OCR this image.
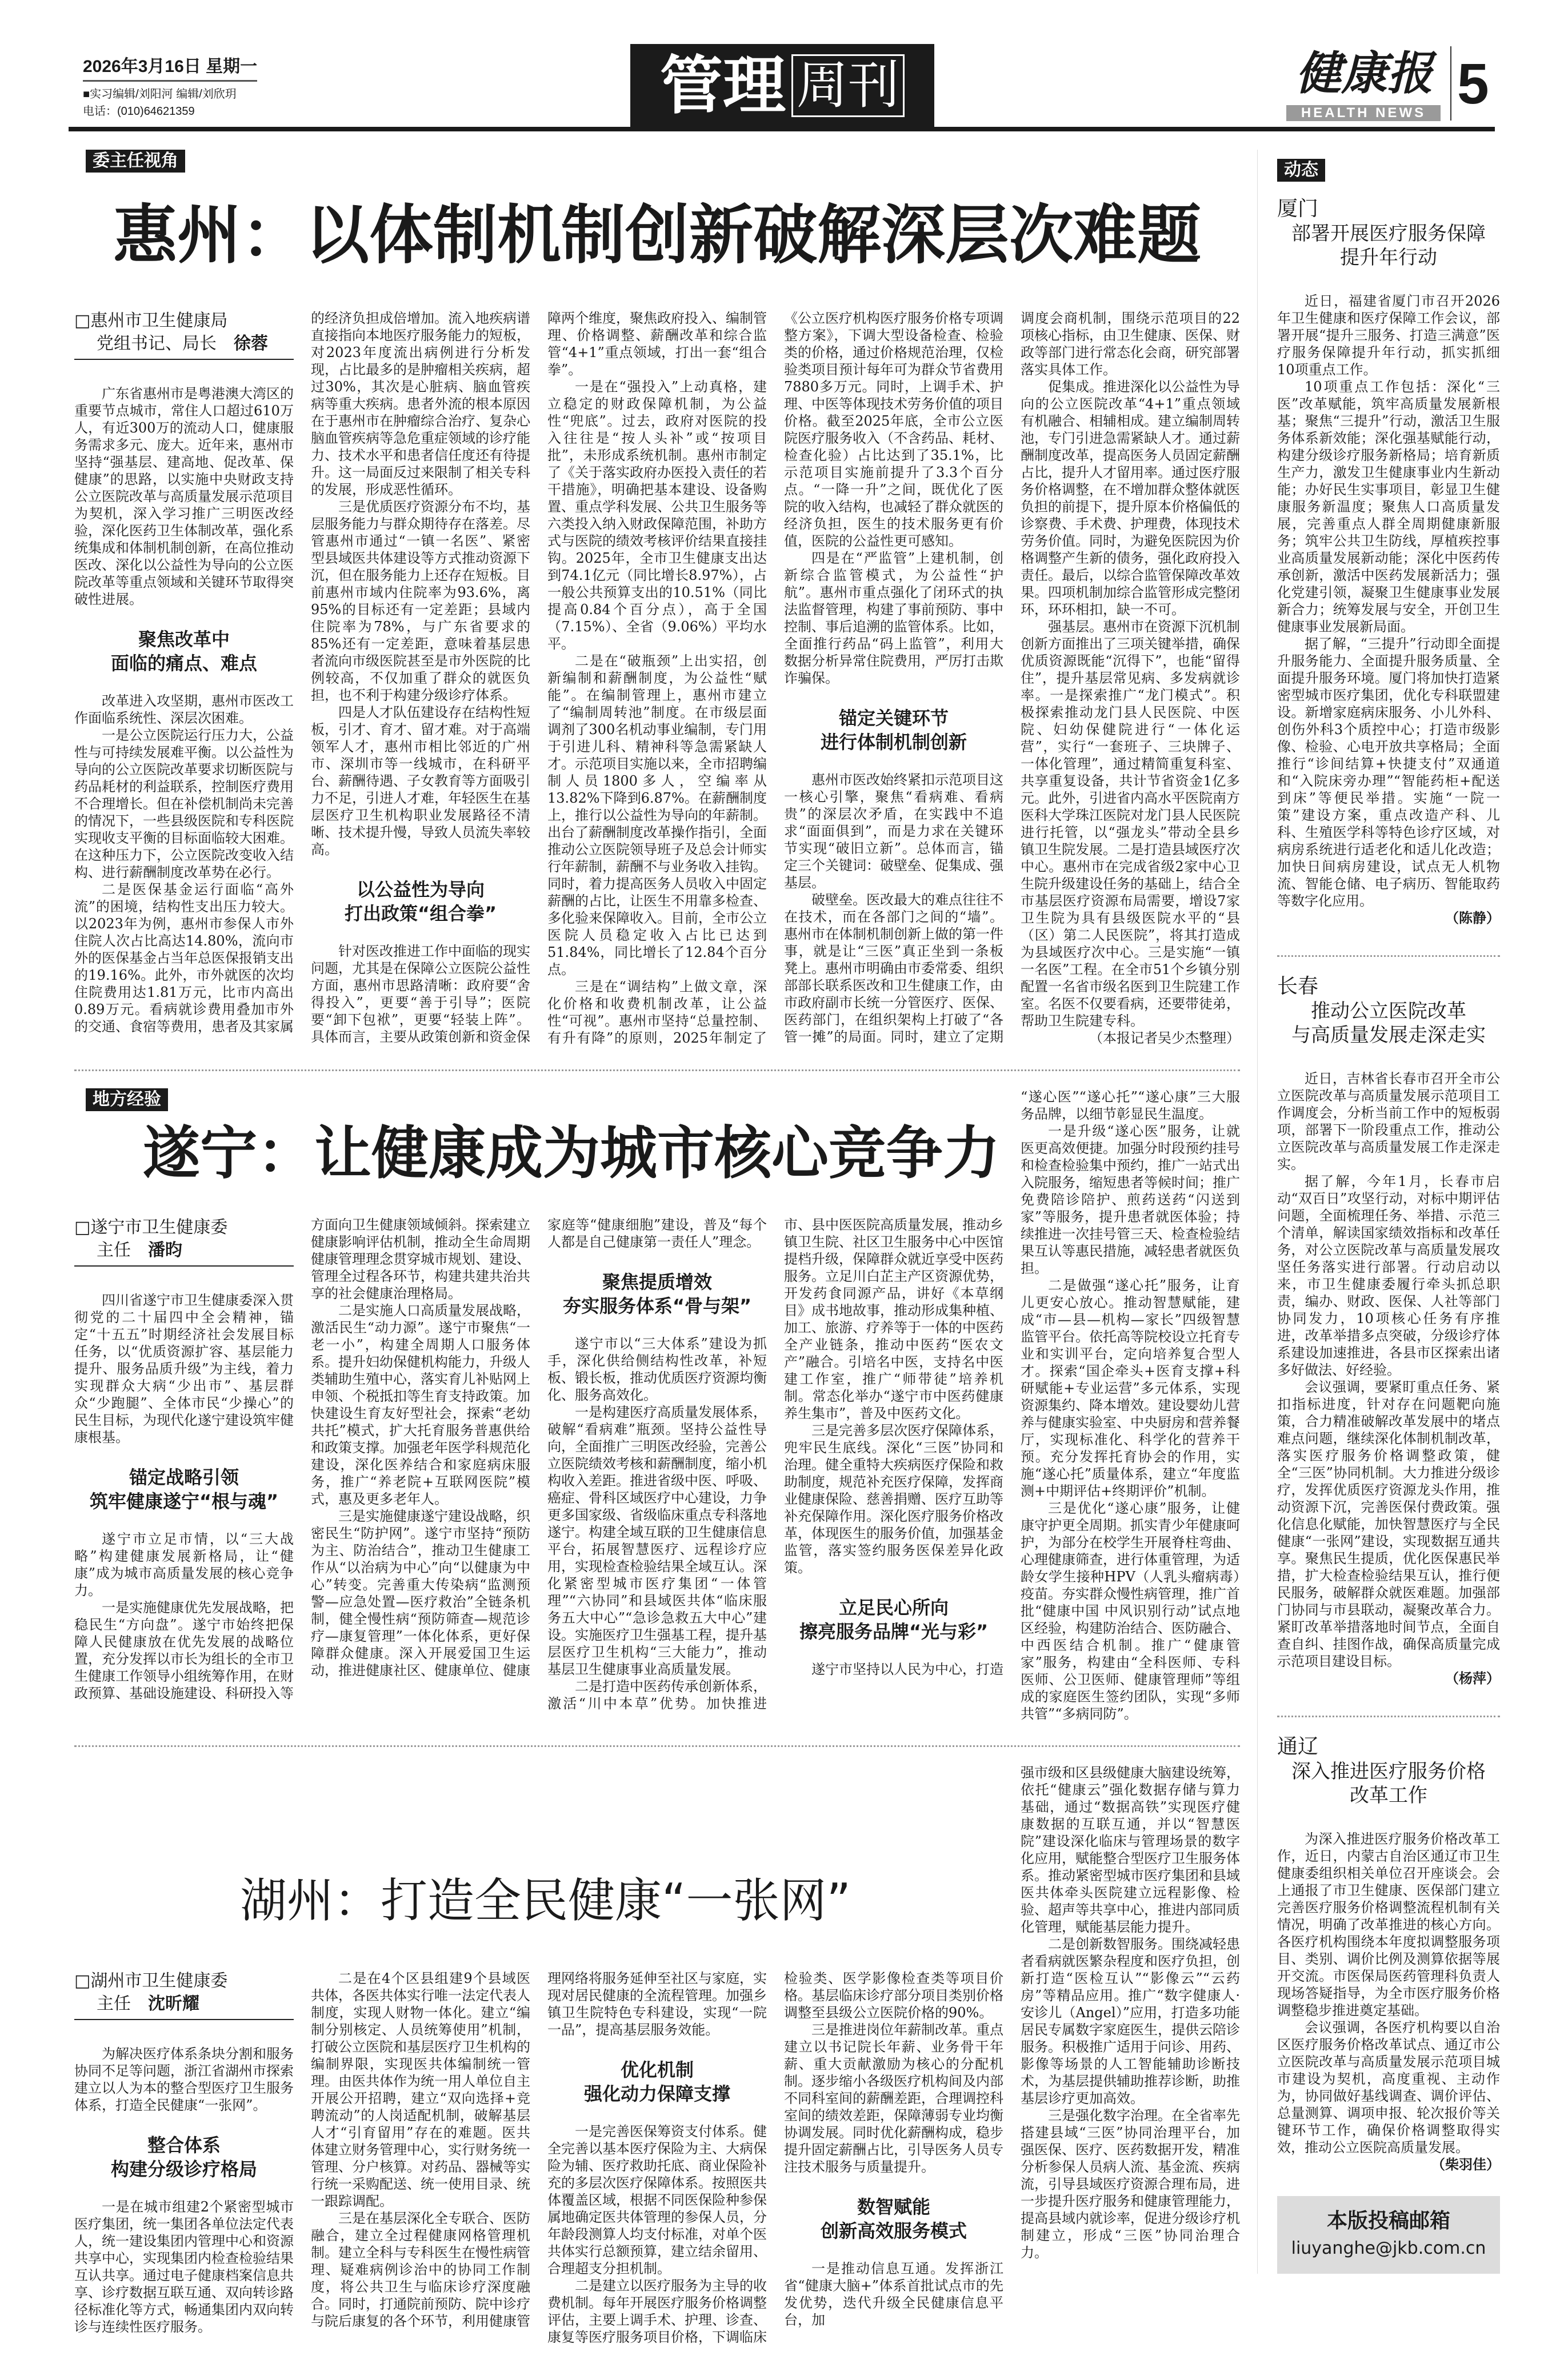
2026年3月16日 星期一
■实习编辑/刘阳河 编辑/刘欣玥
电话：(010)64621359	管理 周刊	健康报
HEALTH NEWS 5
委主任视角
惠州：以体制机制创新破解深层次难题
□惠州市卫生健康局
党组书记、局长 徐蓉

广东省惠州市是粤港澳大湾区的重要节点城市，常住人口超过610万人，有近300万的流动人口，健康服务需求多元、庞大。近年来，惠州市坚持“强基层、建高地、促改革、保健康”的思路，以实施中央财政支持公立医院改革与高质量发展示范项目为契机，深入学习推广三明医改经验，深化医药卫生体制改革，强化系统集成和体制机制创新，在高位推动医改、深化以公益性为导向的公立医院改革等重点领域和关键环节取得突破性进展。

聚焦改革中
面临的痛点、难点

改革进入攻坚期，惠州市医改工作面临系统性、深层次困难。

一是公立医院运行压力大，公益性与可持续发展难平衡。以公益性为导向的公立医院改革要求切断医院与药品耗材的利益联系，控制医疗费用不合理增长。但在补偿机制尚未完善的情况下，一些县级医院和专科医院实现收支平衡的目标面临较大困难。在这种压力下，公立医院改变收入结构、进行薪酬制度改革势在必行。

二是医保基金运行面临“高外流”的困境，结构性支出压力较大。以2023年为例，惠州市参保人市外住院人次占比高达14.80%，流向市外的医保基金占当年总医保报销支出的19.16%。此外，市外就医的次均住院费用达1.81万元，比市内高出0.89万元。看病就诊费用叠加市外的交通、食宿等费用，患者及其家属的经济负担成倍增加。流入地疾病谱直接指向本地医疗服务能力的短板，对2023年度流出病例进行分析发现，占比最多的是肿瘤相关疾病，超过30%，其次是心脏病、脑血管疾病等重大疾病。患者外流的根本原因在于惠州市在肿瘤综合治疗、复杂心脑血管疾病等急危重症领域的诊疗能力、技术水平和患者信任度还有待提升。这一局面反过来限制了相关专科的发展，形成恶性循环。

三是优质医疗资源分布不均，基层服务能力与群众期待存在落差。尽管惠州市通过“一镇一名医”、紧密型县域医共体建设等方式推动资源下沉，但在服务能力上还存在短板。目前惠州市域内住院率为93.6%，离95%的目标还有一定差距；县域内住院率为78%，与广东省要求的85%还有一定差距，意味着基层患者流向市级医院甚至是市外医院的比例较高，不仅加重了群众的就医负担，也不利于构建分级诊疗体系。

四是人才队伍建设存在结构性短板，引才、育才、留才难。对于高端领军人才，惠州市相比邻近的广州市、深圳市等一线城市，在科研平台、薪酬待遇、子女教育等方面吸引力不足，引进人才难，年轻医生在基层医疗卫生机构职业发展路径不清晰、技术提升慢，导致人员流失率较高。

以公益性为导向
打出政策“组合拳”

针对医改推进工作中面临的现实问题，尤其是在保障公立医院公益性方面，惠州市思路清晰：政府要“舍得投入”，更要“善于引导”；医院要“卸下包袱”，更要“轻装上阵”。具体而言，主要从政策创新和资金保障两个维度，聚焦政府投入、编制管理、价格调整、薪酬改革和综合监管“4+1”重点领域，打出一套“组合拳”。

一是在“强投入”上动真格，建立稳定的财政保障机制，为公益性“兜底”。过去，政府对医院的投入往往是“按人头补”或“按项目批”，未形成系统机制。惠州市制定了《关于落实政府办医投入责任的若干措施》，明确把基本建设、设备购置、重点学科发展、公共卫生服务等六类投入纳入财政保障范围，补助方式与医院的绩效考核评价结果直接挂钩。2025年，全市卫生健康支出达到74.1亿元（同比增长8.97%），占一般公共预算支出的10.51%（同比提高0.84个百分点），高于全国（7.15%）、全省（9.06%）平均水平。

二是在“破瓶颈”上出实招，创新编制和薪酬制度，为公益性“赋能”。在编制管理上，惠州市建立了“编制周转池”制度。在市级层面调剂了300名机动事业编制，专门用于引进儿科、精神科等急需紧缺人才。示范项目实施以来，全市招聘编制人员1800多人，空编率从13.82%下降到6.87%。在薪酬制度上，推行以公益性为导向的年薪制。出台了薪酬制度改革操作指引，全面推动公立医院领导班子及总会计师实行年薪制，薪酬不与业务收入挂钩。同时，着力提高医务人员收入中固定薪酬的占比，让医生不用靠多检查、多化验来保障收入。目前，全市公立医院人员稳定收入占比已达到51.84%，同比增长了12.84个百分点。

三是在“调结构”上做文章，深化价格和收费机制改革，让公益性“可视”。惠州市坚持“总量控制、有升有降”的原则，2025年制定了《公立医疗机构医疗服务价格专项调整方案》，下调大型设备检查、检验类的价格，通过价格规范治理，仅检验类项目预计每年可为群众节省费用7880多万元。同时，上调手术、护理、中医等体现技术劳务价值的项目价格。截至2025年底，全市公立医院医疗服务收入（不含药品、耗材、检查化验）占比达到了35.1%，比示范项目实施前提升了3.3个百分点。“一降一升”之间，既优化了医院的收入结构，也减轻了群众就医的经济负担，医生的技术服务更有价值，医院的公益性更可感知。

四是在“严监管”上建机制，创新综合监管模式，为公益性“护航”。惠州市重点强化了闭环式的执法监督管理，构建了事前预防、事中控制、事后追溯的监管体系。比如，全面推行药品“码上监管”，利用大数据分析异常住院费用，严厉打击欺诈骗保。

锚定关键环节
进行体制机制创新

惠州市医改始终紧扣示范项目这一核心引擎，聚焦“看病难、看病贵”的深层次矛盾，在实践中不追求“面面俱到”，而是力求在关键环节实现“破旧立新”。总体而言，锚定三个关键词：破壁垒、促集成、强基层。

破壁垒。医改最大的难点往往不在技术，而在各部门之间的“墙”。惠州市在体制机制创新上做的第一件事，就是让“三医”真正坐到一条板凳上。惠州市明确由市委常委、组织部部长联系医改和卫生健康工作，由市政府副市长统一分管医疗、医保、医药部门，在组织架构上打破了“各管一摊”的局面。同时，建立了定期调度会商机制，围绕示范项目的22项核心指标，由卫生健康、医保、财政等部门进行常态化会商，研究部署落实具体工作。

促集成。推进深化以公益性为导向的公立医院改革“4+1”重点领域有机融合、相辅相成。建立编制周转池，专门引进急需紧缺人才。通过薪酬制度改革，提高医务人员固定薪酬占比，提升人才留用率。通过医疗服务价格调整，在不增加群众整体就医负担的前提下，提升原本价格偏低的诊察费、手术费、护理费，体现技术劳务价值。同时，为避免医院因为价格调整产生新的债务，强化政府投入责任。最后，以综合监管保障改革效果。四项机制加综合监管形成完整闭环，环环相扣，缺一不可。

强基层。惠州市在资源下沉机制创新方面推出了三项关键举措，确保优质资源既能“沉得下”，也能“留得住”，提升基层常见病、多发病就诊率。一是探索推广“龙门模式”。积极探索推动龙门县人民医院、中医院、妇幼保健院进行“一体化运营”，实行“一套班子、三块牌子、一体化管理”，通过精简重复科室、共享重复设备，共计节省资金1亿多元。此外，引进省内高水平医院南方医科大学珠江医院对龙门县人民医院进行托管，以“强龙头”带动全县乡镇卫生院发展。二是打造县域医疗次中心。惠州市在完成省级2家中心卫生院升级建设任务的基础上，结合全市基层医疗资源布局需要，增设7家卫生院为具有县级医院水平的“县（区）第二人民医院”，将其打造成为县域医疗次中心。三是实施“一镇一名医”工程。在全市51个乡镇分别配置一名省市级名医到卫生院建工作室。名医不仅要看病，还要带徒弟，帮助卫生院建专科。

（本报记者吴少杰整理）

地方经验
遂宁：让健康成为城市核心竞争力
□遂宁市卫生健康委
主任 潘昀

四川省遂宁市卫生健康委深入贯彻党的二十届四中全会精神，锚定“十五五”时期经济社会发展目标任务，以“优质资源扩容、基层能力提升、服务品质升级”为主线，着力实现群众大病“少出市”、基层群众“少跑腿”、全体市民“少操心”的民生目标，为现代化遂宁建设筑牢健康根基。

锚定战略引领
筑牢健康遂宁“根与魂”

遂宁市立足市情，以“三大战略”构建健康发展新格局，让“健康”成为城市高质量发展的核心竞争力。

一是实施健康优先发展战略，把稳民生“方向盘”。遂宁市始终把保障人民健康放在优先发展的战略位置，充分发挥以市长为组长的全市卫生健康工作领导小组统筹作用，在财政预算、基础设施建设、科研投入等方面向卫生健康领域倾斜。探索建立健康影响评估机制，推动全生命周期健康管理理念贯穿城市规划、建设、管理全过程各环节，构建共建共治共享的社会健康治理格局。

二是实施人口高质量发展战略，激活民生“动力源”。遂宁市聚焦“一老一小”，构建全周期人口服务体系。提升妇幼保健机构能力，升级人类辅助生殖中心，落实育儿补贴网上申领、个税抵扣等生育支持政策。加快建设生育友好型社会，探索“老幼共托”模式，扩大托育服务普惠供给和政策支撑。加强老年医学科规范化建设，深化医养结合和家庭病床服务，推广“养老院+互联网医院”模式，惠及更多老年人。

三是实施健康遂宁建设战略，织密民生“防护网”。遂宁市坚持“预防为主、防治结合”，推动卫生健康工作从“以治病为中心”向“以健康为中心”转变。完善重大传染病“监测预警—应急处置—医疗救治”全链条机制，健全慢性病“预防筛查—规范诊疗—康复管理”一体化体系，更好保障群众健康。深入开展爱国卫生运动，推进健康社区、健康单位、健康家庭等“健康细胞”建设，普及“每个人都是自己健康第一责任人”理念。

聚焦提质增效
夯实服务体系“骨与架”

遂宁市以“三大体系”建设为抓手，深化供给侧结构性改革，补短板、锻长板，推动优质医疗资源均衡化、服务高效化。

一是构建医疗高质量发展体系，破解“看病难”瓶颈。坚持公益性导向，全面推广三明医改经验，完善公立医院绩效考核和薪酬制度，缩小机构收入差距。推进省级中医、呼吸、癌症、骨科区域医疗中心建设，力争更多国家级、省级临床重点专科落地遂宁。构建全域互联的卫生健康信息平台，拓展智慧医疗、远程诊疗应用，实现检查检验结果全域互认。深化紧密型城市医疗集团“一体管理”“六协同”和县域医共体“临床服务五大中心”“急诊急救五大中心”建设。实施医疗卫生强基工程，提升基层医疗卫生机构“三大能力”，推动基层卫生健康事业高质量发展。

二是打造中医药传承创新体系，激活“川中本草”优势。加快推进市、县中医医院高质量发展，推动乡镇卫生院、社区卫生服务中心中医馆提档升级，保障群众就近享受中医药服务。立足川白芷主产区资源优势，开发药食同源产品，讲好《本草纲目》成书地故事，推动形成集种植、加工、旅游、疗养等于一体的中医药全产业链条，推动中医药“医农文产”融合。引培名中医，支持名中医建工作室，推广“师带徒”培养机制。常态化举办“遂宁市中医药健康养生集市”，普及中医药文化。

三是完善多层次医疗保障体系，兜牢民生底线。深化“三医”协同和治理。健全重特大疾病医疗保险和救助制度，规范补充医疗保障，发挥商业健康保险、慈善捐赠、医疗互助等补充保障作用。深化医疗服务价格改革，体现医生的服务价值，加强基金监管，落实签约服务医保差异化政策。

立足民心所向
擦亮服务品牌“光与彩”

遂宁市坚持以人民为中心，打造

“遂心医”“遂心托”“遂心康”三大服务品牌，以细节彰显民生温度。

一是升级“遂心医”服务，让就医更高效便捷。加强分时段预约挂号和检查检验集中预约，推广一站式出入院服务，缩短患者等候时间；推广免费陪诊陪护、煎药送药“闪送到家”等服务，提升患者就医体验；持续推进一次挂号管三天、检查检验结果互认等惠民措施，减轻患者就医负担。

二是做强“遂心托”服务，让育儿更安心放心。推动智慧赋能，建成“市—县—机构—家长”四级智慧监管平台。依托高等院校设立托育专业和实训平台，定向培养复合型人才。探索“国企牵头+医育支撑+科研赋能+专业运营”多元体系，实现资源集约、降本增效。建设婴幼儿营养与健康实验室、中央厨房和营养餐厅，实现标准化、科学化的营养干预。充分发挥托育协会的作用，实施“遂心托”质量体系，建立“年度监测+中期评估+终期评价”机制。

三是优化“遂心康”服务，让健康守护更全周期。抓实青少年健康呵护，为部分在校学生开展脊柱弯曲、心理健康筛查，进行体重管理，为适龄女学生接种HPV（人乳头瘤病毒）疫苗。夯实群众慢性病管理，推广首批“健康中国 中风识别行动”试点地区经验，构建防治结合、医防融合、中西医结合机制。推广“健康管家”服务，构建由“全科医师、专科医师、公卫医师、健康管理师”等组成的家庭医生签约团队，实现“多师共管”“多病同防”。

湖州：打造全民健康“一张网”
□湖州市卫生健康委
主任 沈昕耀

为解决医疗体系条块分割和服务协同不足等问题，浙江省湖州市探索建立以人为本的整合型医疗卫生服务体系，打造全民健康“一张网”。

整合体系
构建分级诊疗格局

一是在城市组建2个紧密型城市医疗集团，统一集团各单位法定代表人，统一建设集团内管理中心和资源共享中心，实现集团内检查检验结果互认共享。通过电子健康档案信息共享、诊疗数据互联互通、双向转诊路径标准化等方式，畅通集团内双向转诊与连续性医疗服务。

二是在4个区县组建9个县域医共体，各医共体实行唯一法定代表人制度，实现人财物一体化。建立“编制分别核定、人员统筹使用”机制，打破公立医院和基层医疗卫生机构的编制界限，实现医共体编制统一管理。由医共体作为统一用人单位自主开展公开招聘，建立“双向选择+竞聘流动”的人岗适配机制，破解基层人才“引育留用”存在的难题。医共体建立财务管理中心，实行财务统一管理、分户核算。对药品、器械等实行统一采购配送、统一使用目录、统一跟踪调配。

三是在基层深化全专联合、医防融合，建立全过程健康网格管理机制。建立全科与专科医生在慢性病管理、疑难病例诊治中的协同工作制度，将公共卫生与临床诊疗深度融合。同时，打通院前预防、院中诊疗与院后康复的各个环节，利用健康管理网络将服务延伸至社区与家庭，实现对居民健康的全流程管理。加强乡镇卫生院特色专科建设，实现“一院一品”，提高基层服务效能。

优化机制
强化动力保障支撑

一是完善医保筹资支付体系。健全完善以基本医疗保险为主、大病保险为辅、医疗救助托底、商业保险补充的多层次医疗保障体系。按照医共体覆盖区域，根据不同医保险种参保属地确定医共体管理的参保人员，分年龄段测算人均支付标准，对单个医共体实行总额预算，建立结余留用、合理超支分担机制。

二是建立以医疗服务为主导的收费机制。每年开展医疗服务价格调整评估，主要上调手术、护理、诊查、康复等医疗服务项目价格，下调临床检验类、医学影像检查类等项目价格。基层临床诊疗部分项目类别价格调整至县级公立医院价格的90%。

三是推进岗位年薪制改革。重点建立以书记院长年薪、业务骨干年薪、重大贡献激励为核心的分配机制。逐步缩小各级医疗机构间及内部不同科室间的薪酬差距，合理调控科室间的绩效差距，保障薄弱专业均衡协调发展。同时优化薪酬构成，稳步提升固定薪酬占比，引导医务人员专注技术服务与质量提升。

数智赋能
创新高效服务模式

一是推动信息互通。发挥浙江省“健康大脑+”体系首批试点市的先发优势，迭代升级全民健康信息平台，加

强市级和区县级健康大脑建设统筹，依托“健康云”强化数据存储与算力基础，通过“数据高铁”实现医疗健康数据的互联互通，并以“智慧医院”建设深化临床与管理场景的数字化应用，赋能整合型医疗卫生服务体系。推动紧密型城市医疗集团和县域医共体牵头医院建立远程影像、检验、超声等共享中心，推进内部同质化管理，赋能基层能力提升。

二是创新数智服务。围绕减轻患者看病就医繁杂程度和医疗负担，创新打造“医检互认”“影像云”“云药房”等精品应用。推广“数字健康人·安诊儿（Angel）”应用，打造多功能居民专属数字家庭医生，提供云陪诊服务。积极推广适用于问诊、用药、影像等场景的人工智能辅助诊断技术，为基层提供辅助推荐诊断，助推基层诊疗更加高效。

三是强化数字治理。在全省率先搭建县域“三医”协同治理平台，加强医保、医疗、医药数据开发，精准分析参保人员病人流、基金流、疾病流，引导县域医疗资源合理布局，进一步提升医疗服务和健康管理能力，提高县域内就诊率，促进分级诊疗机制建立，形成“三医”协同治理合力。

动态
厦门
部署开展医疗服务保障
提升年行动

近日，福建省厦门市召开2026年卫生健康和医疗保障工作会议，部署开展“提升三服务、打造三满意”医疗服务保障提升年行动，抓实抓细10项重点工作。

10项重点工作包括：深化“三医”改革赋能，筑牢高质量发展新根基；聚焦“三提升”行动，激活卫生服务体系新效能；深化强基赋能行动，构建分级诊疗服务新格局；培育新质生产力，激发卫生健康事业内生新动能；办好民生实事项目，彰显卫生健康服务新温度；聚焦人口高质量发展，完善重点人群全周期健康新服务；筑牢公共卫生防线，厚植疾控事业高质量发展新动能；深化中医药传承创新，激活中医药发展新活力；强化党建引领，凝聚卫生健康事业发展新合力；统筹发展与安全，开创卫生健康事业发展新局面。

据了解，“三提升”行动即全面提升服务能力、全面提升服务质量、全面提升服务环境。厦门将加快打造紧密型城市医疗集团，优化专科联盟建设。新增家庭病床服务、小儿外科、创伤外科3个质控中心；打造市级影像、检验、心电开放共享格局；全面推行“诊间结算+快捷支付”双通道和“入院床旁办理”“智能药柜+配送到床”等便民举措。实施“一院一策”建设方案，重点改造产科、儿科、生殖医学科等特色诊疗区域，对病房系统进行适老化和适儿化改造；加快日间病房建设，试点无人机物流、智能仓储、电子病历、智能取药等数字化应用。

（陈静）

长春
推动公立医院改革
与高质量发展走深走实

近日，吉林省长春市召开全市公立医院改革与高质量发展示范项目工作调度会，分析当前工作中的短板弱项，部署下一阶段重点工作，推动公立医院改革与高质量发展工作走深走实。

据了解，今年1月，长春市启动“双百日”攻坚行动，对标中期评估问题，全面梳理任务、举措、示范三个清单，解读国家绩效指标和改革任务，对公立医院改革与高质量发展攻坚任务落实进行部署。行动启动以来，市卫生健康委履行牵头抓总职责，编办、财政、医保、人社等部门协同发力，10项核心任务有序推进，改革举措多点突破，分级诊疗体系建设加速推进，各县市区探索出诸多好做法、好经验。

会议强调，要紧盯重点任务、紧扣指标进度，针对存在问题靶向施策，合力精准破解改革发展中的堵点难点问题，继续深化体制机制改革，落实医疗服务价格调整政策，健全“三医”协同机制。大力推进分级诊疗，发挥优质医疗资源龙头作用，推动资源下沉，完善医保付费政策。强化信息化赋能，加快智慧医疗与全民健康“一张网”建设，实现数据互通共享。聚焦民生提质，优化医保惠民举措，扩大检查检验结果互认，推行便民服务，破解群众就医难题。加强部门协同与市县联动，凝聚改革合力。紧盯改革举措落地时间节点，全面自查自纠、挂图作战，确保高质量完成示范项目建设目标。

（杨萍）

通辽
深入推进医疗服务价格
改革工作

为深入推进医疗服务价格改革工作，近日，内蒙古自治区通辽市卫生健康委组织相关单位召开座谈会。会上通报了市卫生健康、医保部门建立完善医疗服务价格调整流程机制有关情况，明确了改革推进的核心方向。各医疗机构围绕本年度拟调整服务项目、类别、调价比例及测算依据等展开交流。市医保局医药管理科负责人现场答疑指导，为全市医疗服务价格调整稳步推进奠定基础。

会议强调，各医疗机构要以自治区医疗服务价格改革试点、通辽市公立医院改革与高质量发展示范项目城市建设为契机，高度重视、主动作为，协同做好基线调查、调价评估、总量测算、调项申报、轮次报价等关键环节工作，确保价格调整取得实效，推动公立医院高质量发展。

（柴羽佳）

本版投稿邮箱
liuyanghe@jkb.com.cn
